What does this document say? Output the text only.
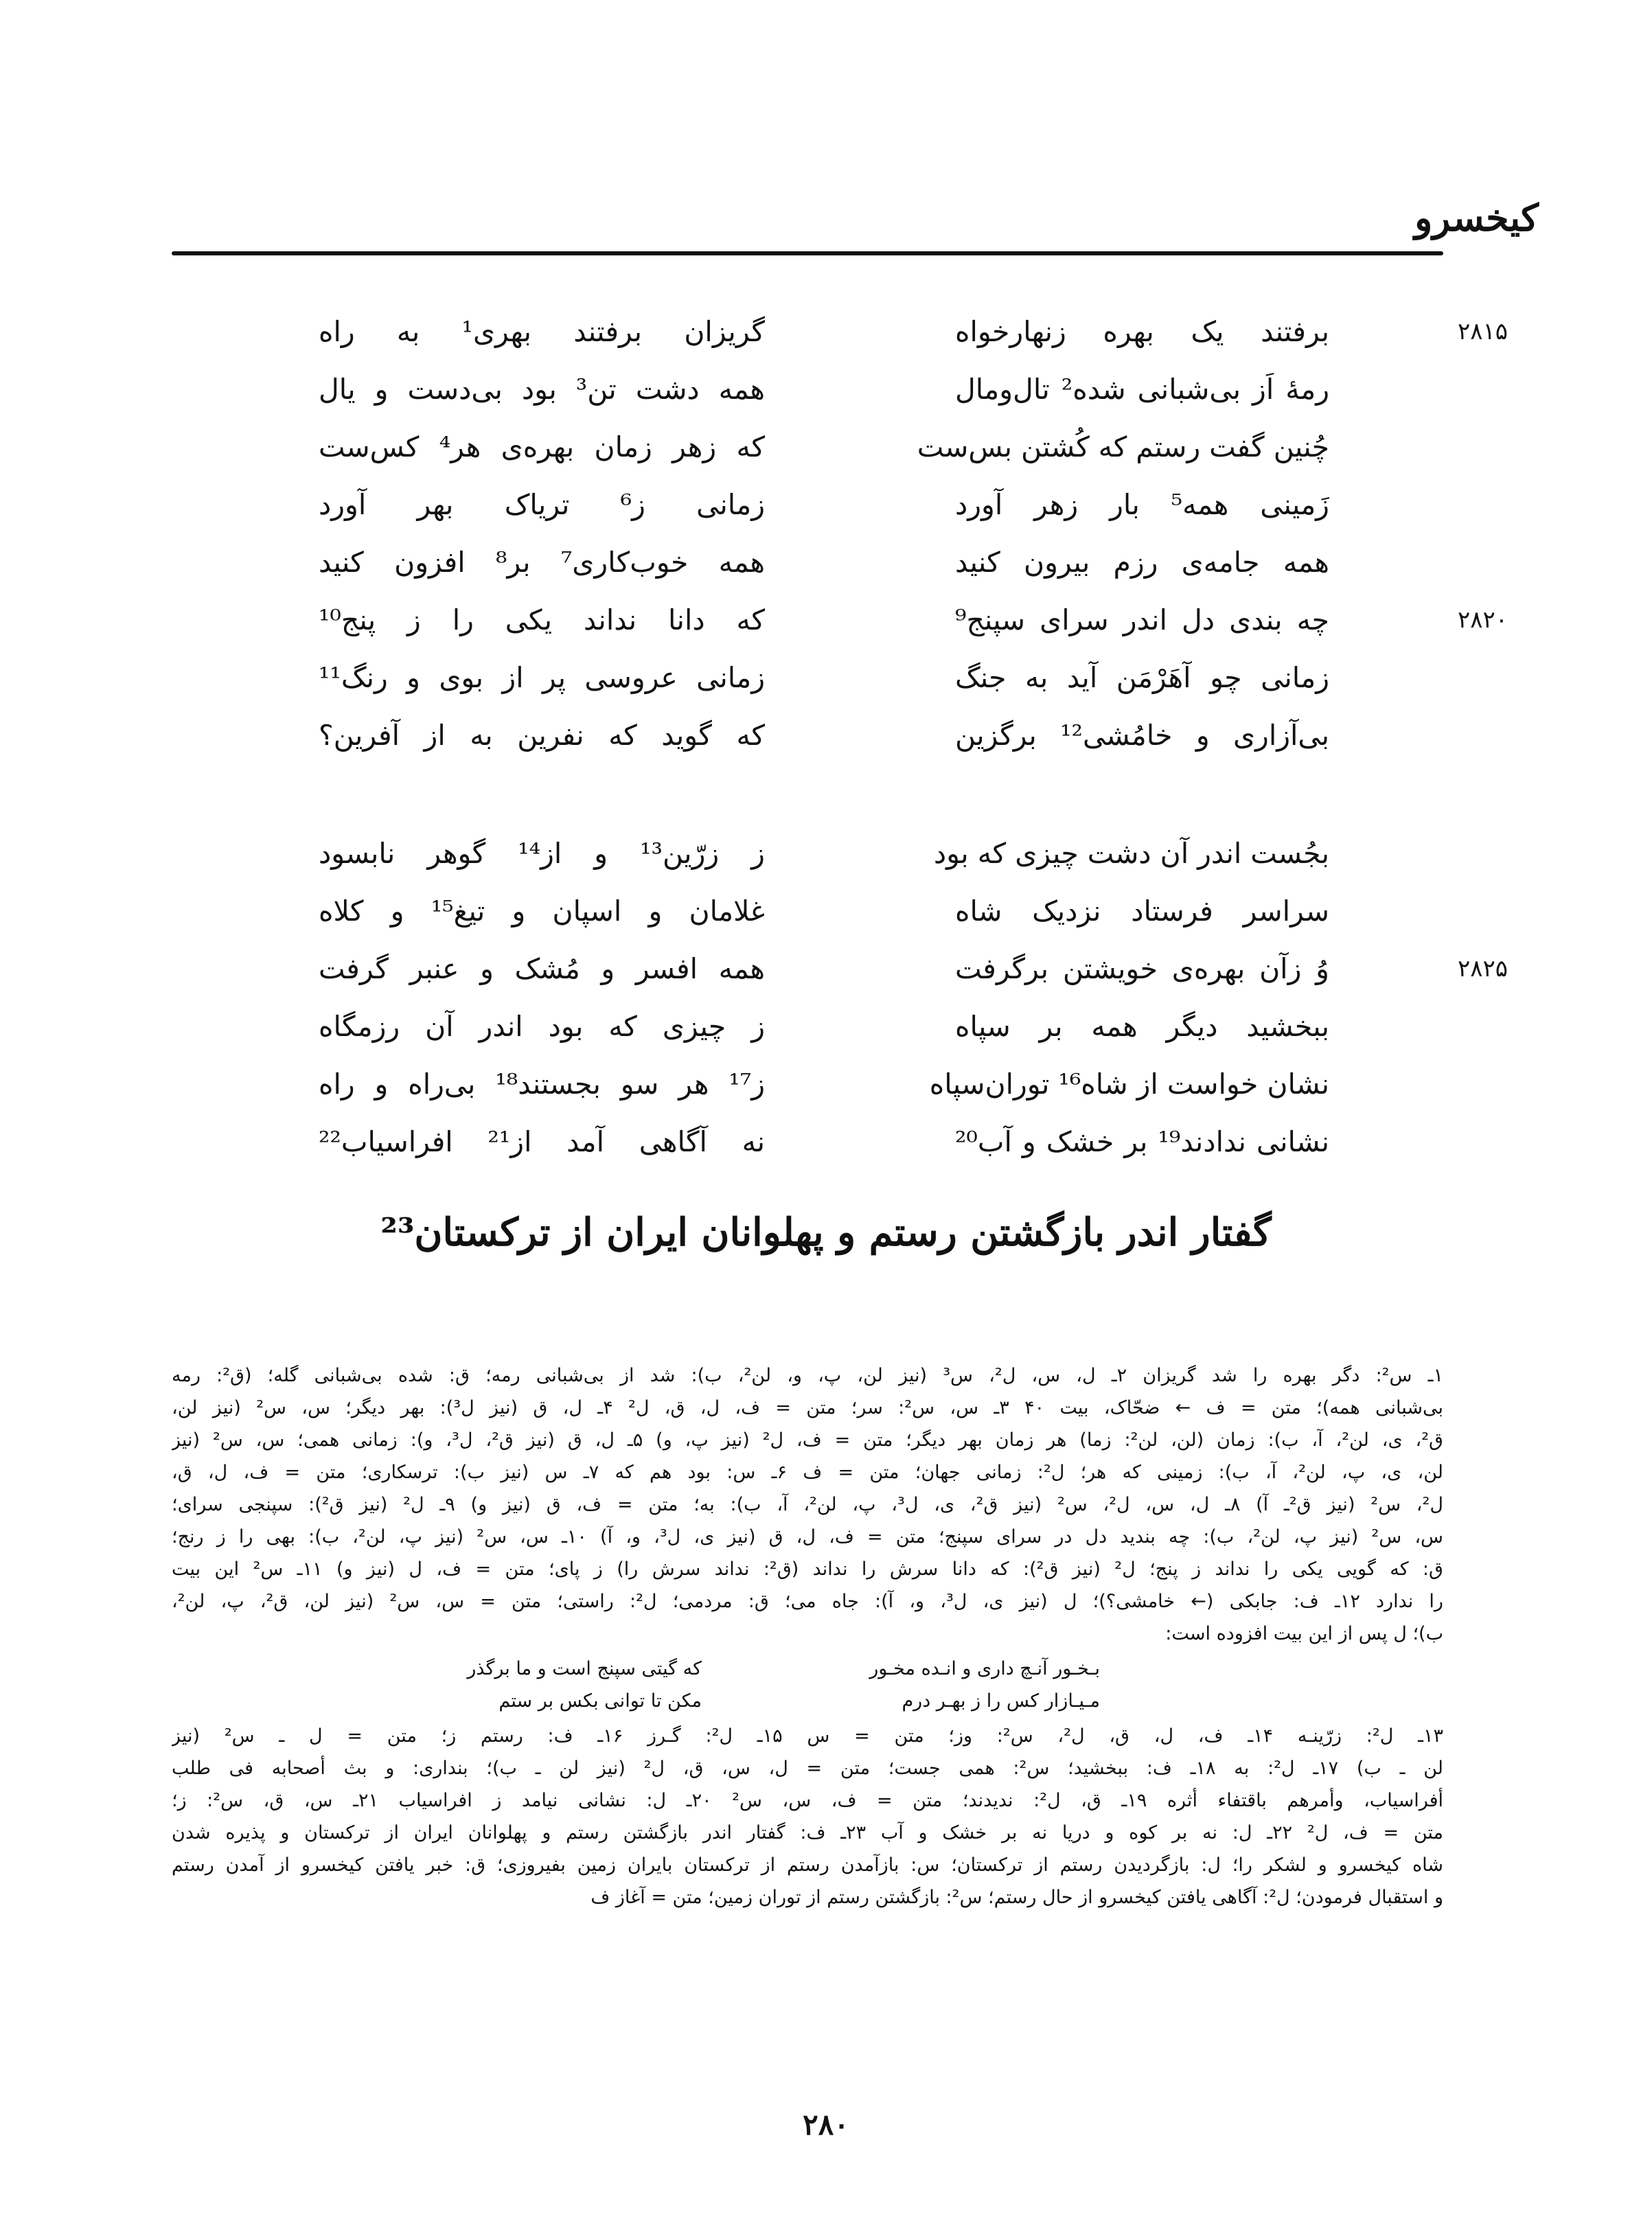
کیخسرو
۲۸۱۵
برفتند یک بهره زنهارخواه
گریزان برفتند بهری¹ به راه
رمهٔ اَز بی‌شبانی شده² تال‌ومال
همه دشت تن³ بود بی‌دست و یال
چُنین گفت رستم که کُشتن بس‌ست
که زهر زمان بهره‌ی هر⁴ کس‌ست
زَمینی همه⁵ بار زهر آورد
زمانی ز⁶ تریاک بهر آورد
همه جامه‌ی رزم بیرون کنید
همه خوب‌کاری⁷ بر⁸ افزون کنید
۲۸۲۰
چه بندی دل اندر سرای سپنج⁹
که دانا نداند یکی را ز پنج¹⁰
زمانی چو آهَرْمَن آید به جنگ
زمانی عروسی پر از بوی و رنگ¹¹
بی‌آزاری و خامُشی¹² برگزین
که گوید که نفرین به از آفرین؟
بجُست اندر آن دشت چیزی که بود
ز زرّین¹³ و از¹⁴ گوهر نابسود
سراسر فرستاد نزدیک شاه
غلامان و اسپان و تیغ¹⁵ و کلاه
۲۸۲۵
وُ زآن بهره‌ی خویشتن برگرفت
همه افسر و مُشک و عنبر گرفت
ببخشید دیگر همه بر سپاه
ز چیزی که بود اندر آن رزمگاه
نشان خواست از شاه¹⁶ توران‌سپاه
ز¹⁷ هر سو بجستند¹⁸ بی‌راه و راه
نشانی ندادند¹⁹ بر خشک و آب²⁰
نه آگاهی آمد از²¹ افراسیاب²²
گفتار اندر بازگشتن رستم و پهلوانان ایران از ترکستان²³
۱ـ س²: دگر بهره را شد گریزان ۲ـ ل، س، ل²، س³ (نیز لن، پ، و، لن²، ب): شد از بی‌شبانی رمه؛ ق: شده بی‌شبانی گله؛ (ق²: رمه
بی‌شبانی همه)؛ متن = ف ← ضحّاک، بیت ۴۰ ۳ـ س، س²: سر؛ متن = ف، ل، ق، ل² ۴ـ ل، ق (نیز ل³): بهر دیگر؛ س، س² (نیز لن،
ق²، ی، لن²، آ، ب): زمان (لن، لن²: زما) هر زمان بهر دیگر؛ متن = ف، ل² (نیز پ، و) ۵ـ ل، ق (نیز ق²، ل³، و): زمانی همی؛ س، س² (نیز
لن، ی، پ، لن²، آ، ب): زمینی که هر؛ ل²: زمانی جهان؛ متن = ف ۶ـ س: بود هم که ۷ـ س (نیز ب): ترسکاری؛ متن = ف، ل، ق،
ل²، س² (نیز ق²ـ آ) ۸ـ ل، س، ل²، س² (نیز ق²، ی، ل³، پ، لن²، آ، ب): به؛ متن = ف، ق (نیز و) ۹ـ ل² (نیز ق²): سپنجی سرای؛
س، س² (نیز پ، لن²، ب): چه بندید دل در سرای سپنج؛ متن = ف، ل، ق (نیز ی، ل³، و، آ) ۱۰ـ س، س² (نیز پ، لن²، ب): بهی را ز رنج؛
ق: که گویی یکی را نداند ز پنج؛ ل² (نیز ق²): که دانا سرش را نداند (ق²: نداند سرش را) ز پای؛ متن = ف، ل (نیز و) ۱۱ـ س² این بیت
را ندارد ۱۲ـ ف: جابکی (← خامشی؟)؛ ل (نیز ی، ل³، و، آ): جاه می؛ ق: مردمی؛ ل²: راستی؛ متن = س، س² (نیز لن، ق²، پ، لن²،
ب)؛ ل پس از این بیت افزوده است:
بـخـور آنـچ داری و انـده مخـور
که گیتی سپنج است و ما برگذر
مـیـازار کس را ز بهـر درم
مکن تا توانی بکس بر ستم
۱۳ـ ل²: زرّینـه ۱۴ـ ف، ل، ق، ل²، س²: وز؛ متن = س ۱۵ـ ل²: گـرز ۱۶ـ ف: رستم ز؛ متن = ل ـ س² (نیز
لن ـ ب) ۱۷ـ ل²: به ۱۸ـ ف: ببخشید؛ س²: همی جست؛ متن = ل، س، ق، ل² (نیز لن ـ ب)؛ بنداری: و بث أصحابه فی طلب
أفراسیاب، وأمرهم باقتفاء أثره ۱۹ـ ق، ل²: ندیدند؛ متن = ف، س، س² ۲۰ـ ل: نشانی نیامد ز افراسیاب ۲۱ـ س، ق، س²: ز؛
متن = ف، ل² ۲۲ـ ل: نه بر کوه و دریا نه بر خشک و آب ۲۳ـ ف: گفتار اندر بازگشتن رستم و پهلوانان ایران از ترکستان و پذیره شدن
شاه کیخسرو و لشکر را؛ ل: بازگردیدن رستم از ترکستان؛ س: بازآمدن رستم از ترکستان بایران زمین بفیروزی؛ ق: خبر یافتن کیخسرو از آمدن رستم
و استقبال فرمودن؛ ل²: آگاهی یافتن کیخسرو از حال رستم؛ س²: بازگشتن رستم از توران زمین؛ متن = آغاز ف
۲۸۰
